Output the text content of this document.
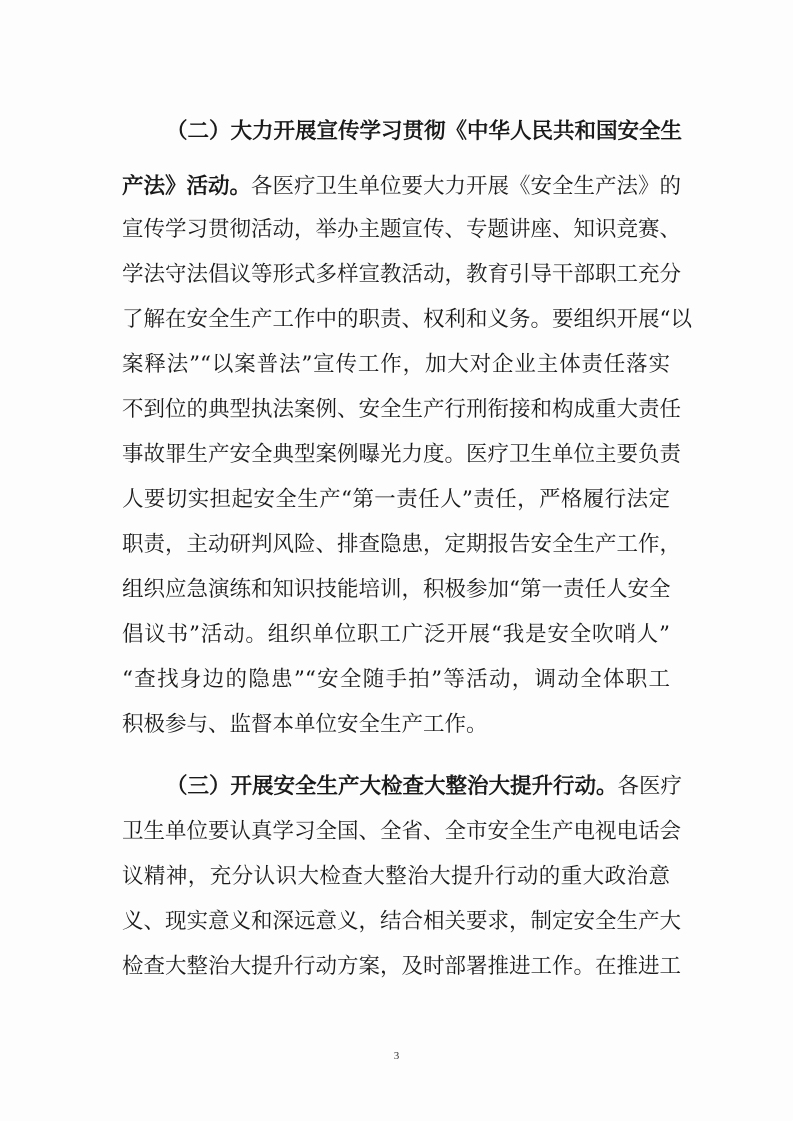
（二）大力开展宣传学习贯彻《中华人民共和国安全生
产法》活动。各医疗卫生单位要大力开展《安全生产法》的
宣传学习贯彻活动，举办主题宣传、专题讲座、知识竞赛、
学法守法倡议等形式多样宣教活动，教育引导干部职工充分
了解在安全生产工作中的职责、权利和义务。要组织开展“以
案释法”“以案普法”宣传工作，加大对企业主体责任落实
不到位的典型执法案例、安全生产行刑衔接和构成重大责任
事故罪生产安全典型案例曝光力度。医疗卫生单位主要负责
人要切实担起安全生产“第一责任人”责任，严格履行法定
职责，主动研判风险、排查隐患，定期报告安全生产工作，
组织应急演练和知识技能培训，积极参加“第一责任人安全
倡议书”活动。组织单位职工广泛开展“我是安全吹哨人”
“查找身边的隐患”“安全随手拍”等活动，调动全体职工
积极参与、监督本单位安全生产工作。
（三）开展安全生产大检查大整治大提升行动。各医疗
卫生单位要认真学习全国、全省、全市安全生产电视电话会
议精神，充分认识大检查大整治大提升行动的重大政治意
义、现实意义和深远意义，结合相关要求，制定安全生产大
检查大整治大提升行动方案，及时部署推进工作。在推进工
3
